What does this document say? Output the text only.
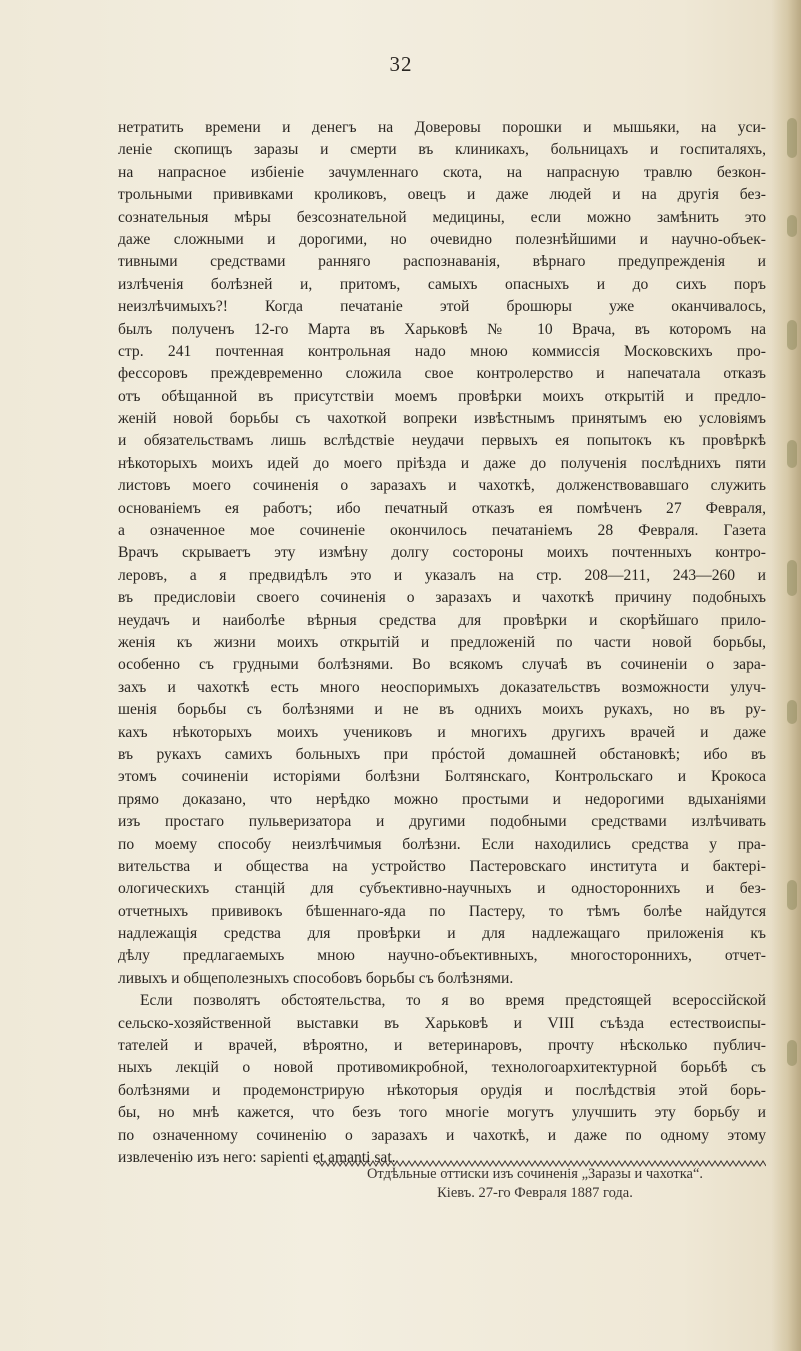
32
нетратить времени и денегъ на Доверовы порошки и мышьяки, на уси-
леніе скопищъ заразы и смерти въ клиникахъ, больницахъ и госпиталяхъ,
на напрасное избіеніе зачумленнаго скота, на напрасную травлю безкон-
трольными прививками кроликовъ, овецъ и даже людей и на другія без-
сознательныя мѣры безсознательной медицины, если можно замѣнить это
даже сложными и дорогими, но очевидно полезнѣйшими и научно-объек-
тивными средствами ранняго распознаванія, вѣрнаго предупрежденія и
излѣченія болѣзней и, притомъ, самыхъ опасныхъ и до сихъ поръ
неизлѣчимыхъ?! Когда печатаніе этой брошюры уже оканчивалось,
былъ полученъ 12-го Марта въ Харьковѣ № 10 Врача, въ которомъ на
стр. 241 почтенная контрольная надо мною коммиссія Московскихъ про-
фессоровъ преждевременно сложила свое контролерство и напечатала отказъ
отъ обѣщанной въ присутствіи моемъ провѣрки моихъ открытій и предло-
женій новой борьбы съ чахоткой вопреки извѣстнымъ принятымъ ею условіямъ
и обязательствамъ лишь вслѣдствіе неудачи первыхъ ея попытокъ къ провѣркѣ
нѣкоторыхъ моихъ идей до моего пріѣзда и даже до полученія послѣднихъ пяти
листовъ моего сочиненія о заразахъ и чахоткѣ, долженствовавшаго служить
основаніемъ ея работъ; ибо печатный отказъ ея помѣченъ 27 Февраля,
а означенное мое сочиненіе окончилось печатаніемъ 28 Февраля. Газета
Врачъ скрываетъ эту измѣну долгу состороны моихъ почтенныхъ контро-
леровъ, а я предвидѣлъ это и указалъ на стр. 208—211, 243—260 и
въ предисловіи своего сочиненія о заразахъ и чахоткѣ причину подобныхъ
неудачъ и наиболѣе вѣрныя средства для провѣрки и скорѣйшаго прило-
женія къ жизни моихъ открытій и предложеній по части новой борьбы,
особенно съ грудными болѣзнями. Во всякомъ случаѣ въ сочиненіи о зара-
захъ и чахоткѣ есть много неоспоримыхъ доказательствъ возможности улуч-
шенія борьбы съ болѣзнями и не въ однихъ моихъ рукахъ, но въ ру-
кахъ нѣкоторыхъ моихъ учениковъ и многихъ другихъ врачей и даже
въ рукахъ самихъ больныхъ при прóстой домашней обстановкѣ; ибо въ
этомъ сочиненіи исторіями болѣзни Болтянскаго, Контрольскаго и Крокоса
прямо доказано, что нерѣдко можно простыми и недорогими вдыханіями
изъ простаго пульверизатора и другими подобными средствами излѣчивать
по моему способу неизлѣчимыя болѣзни. Если находились средства у пра-
вительства и общества на устройство Пастеровскаго института и бактері-
ологическихъ станцій для субъективно-научныхъ и одностороннихъ и без-
отчетныхъ прививокъ бѣшеннаго-яда по Пастеру, то тѣмъ болѣе найдутся
надлежащія средства для провѣрки и для надлежащаго приложенія къ
дѣлу предлагаемыхъ мною научно-объективныхъ, многостороннихъ, отчет-
ливыхъ и общеполезныхъ способовъ борьбы съ болѣзнями.
Если позволятъ обстоятельства, то я во время предстоящей всероссійской
сельско-хозяйственной выставки въ Харьковѣ и VIII съѣзда естествоиспы-
тателей и врачей, вѣроятно, и ветеринаровъ, прочту нѣсколько публич-
ныхъ лекцій о новой противомикробной, технологоархитектурной борьбѣ съ
болѣзнями и продемонстрирую нѣкоторыя орудія и послѣдствія этой борь-
бы, но мнѣ кажется, что безъ того многіе могутъ улучшить эту борьбу и
по означенному сочиненію о заразахъ и чахоткѣ, и даже по одному этому
извлеченію изъ него: sapienti et amanti sat.
Отдѣльные оттиски изъ сочиненія „Заразы и чахотка“.
Кіевъ. 27-го Февраля 1887 года.
